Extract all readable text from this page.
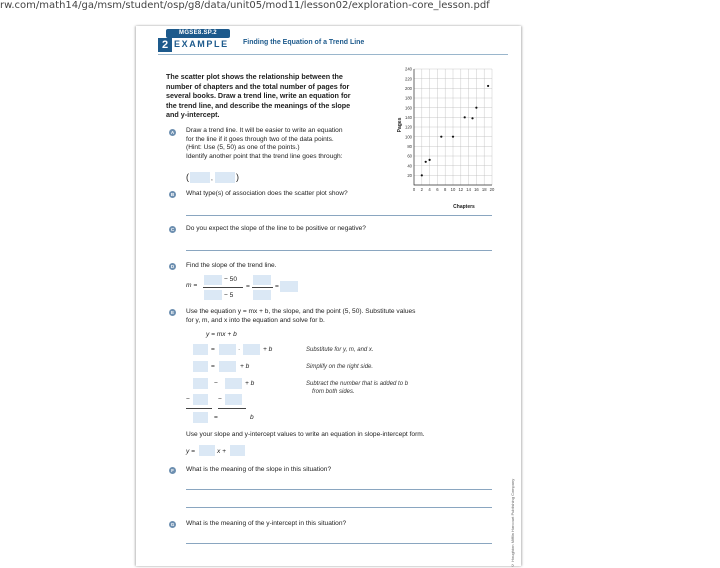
rw.com/math14/ga/msm/student/osp/g8/data/unit05/mod11/lesson02/exploration-core_lesson.pdf
MGSE8.SP.2
2 EXAMPLE Finding the Equation of a Trend Line
The scatter plot shows the relationship between the
number of chapters and the total number of pages for
several books. Draw a trend line, write an equation for
the trend line, and describe the meanings of the slope
and y-intercept.
20
40
60
80
100
120
140
160
180
200
220
240
0 2 4 6 8 10 12 14 16 18 20
Pages
Chapters
A Draw a trend line. It will be easier to write an equation
for the line if it goes through two of the data points.
(Hint: Use (5, 50) as one of the points.)
Identify another point that the trend line goes through:
(	,	)
B What type(s) of association does the scatter plot show?
C Do you expect the slope of the line to be positive or negative?
D Find the slope of the trend line.
m =
− 50
− 5
=	=
E Use the equation y = mx + b, the slope, and the point (5, 50). Substitute values
for y, m, and x into the equation and solve for b.
y = mx + b
=	·	+ b	Substitute for y, m, and x.
=	+ b	Simplify on the right side.
−	+ b	Subtract the number that is added to b
from both sides.
−	−
=	b
Use your slope and y-intercept values to write an equation in slope-intercept form.
y =	x +
F	What is the meaning of the slope in this situation?
G What is the meaning of the y-intercept in this situation?	© Houghton Mifflin Harcourt Publishing Company
